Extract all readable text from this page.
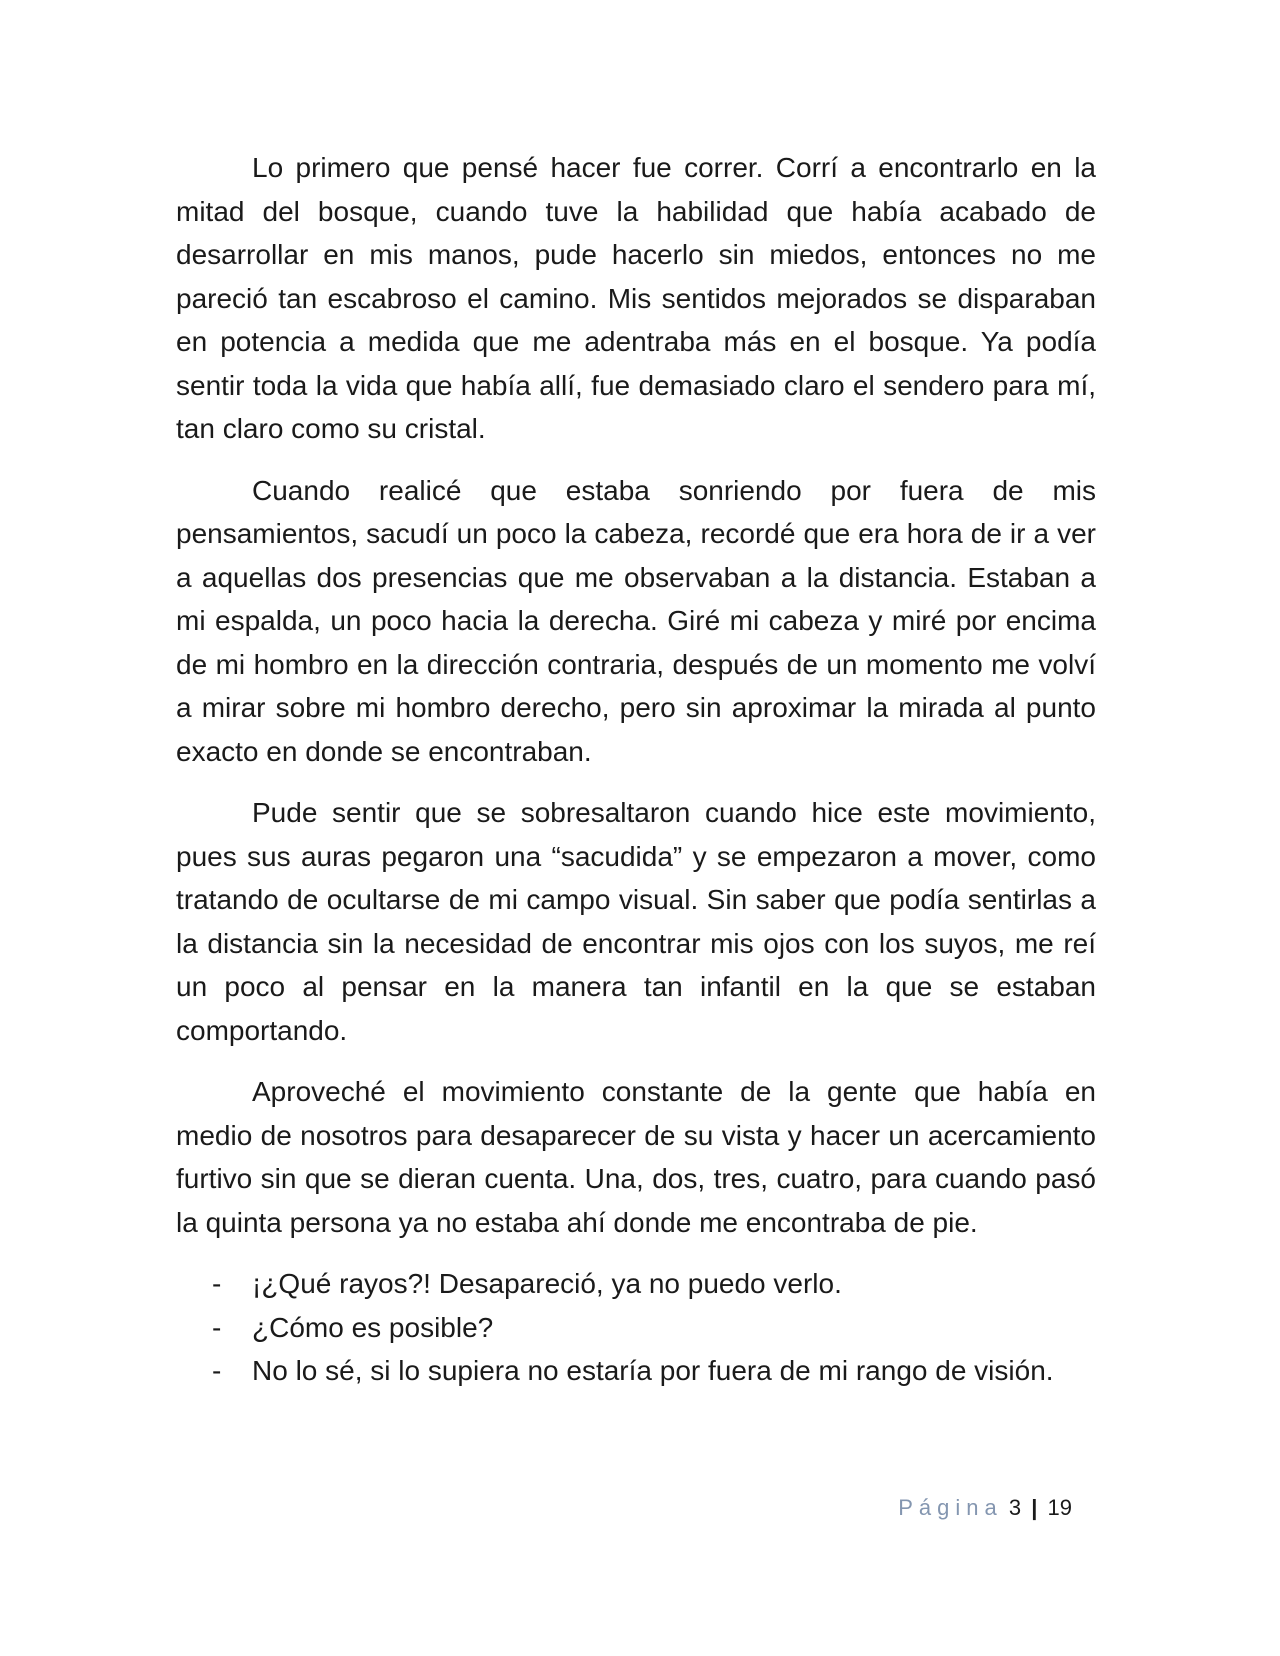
Lo primero que pensé hacer fue correr. Corrí a encontrarlo en la mitad del bosque, cuando tuve la habilidad que había acabado de desarrollar en mis manos, pude hacerlo sin miedos, entonces no me pareció tan escabroso el camino. Mis sentidos mejorados se disparaban en potencia a medida que me adentraba más en el bosque. Ya podía sentir toda la vida que había allí, fue demasiado claro el sendero para mí, tan claro como su cristal.

Cuando realicé que estaba sonriendo por fuera de mis pensamientos, sacudí un poco la cabeza, recordé que era hora de ir a ver a aquellas dos presencias que me observaban a la distancia. Estaban a mi espalda, un poco hacia la derecha. Giré mi cabeza y miré por encima de mi hombro en la dirección contraria, después de un momento me volví a mirar sobre mi hombro derecho, pero sin aproximar la mirada al punto exacto en donde se encontraban.

Pude sentir que se sobresaltaron cuando hice este movimiento, pues sus auras pegaron una “sacudida” y se empezaron a mover, como tratando de ocultarse de mi campo visual. Sin saber que podía sentirlas a la distancia sin la necesidad de encontrar mis ojos con los suyos, me reí un poco al pensar en la manera tan infantil en la que se estaban comportando.

Aproveché el movimiento constante de la gente que había en medio de nosotros para desaparecer de su vista y hacer un acercamiento furtivo sin que se dieran cuenta. Una, dos, tres, cuatro, para cuando pasó la quinta persona ya no estaba ahí donde me encontraba de pie.

- ¡¿Qué rayos?! Desapareció, ya no puedo verlo.
- ¿Cómo es posible?
- No lo sé, si lo supiera no estaría por fuera de mi rango de visión.
Página 3 | 19
